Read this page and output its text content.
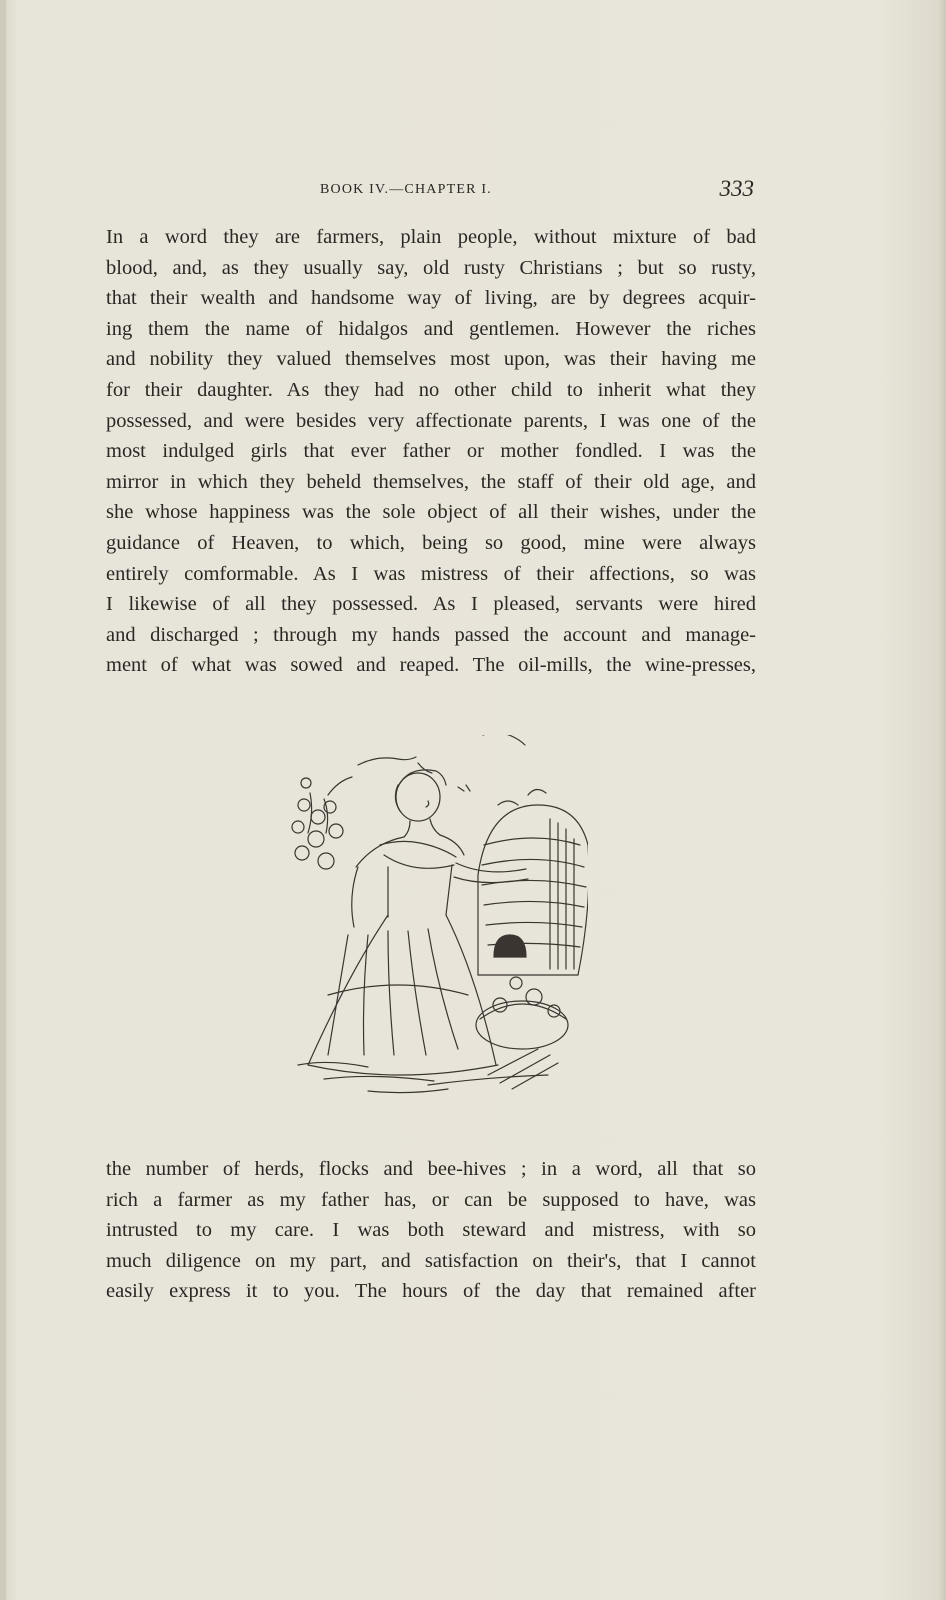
BOOK IV.—CHAPTER I.	333
In a word they are farmers, plain people, without mixture of bad
blood, and, as they usually say, old rusty Christians ; but so rusty,
that their wealth and handsome way of living, are by degrees acquir-
ing them the name of hidalgos and gentlemen. However the riches
and nobility they valued themselves most upon, was their having me
for their daughter. As they had no other child to inherit what they
possessed, and were besides very affectionate parents, I was one of the
most indulged girls that ever father or mother fondled. I was the
mirror in which they beheld themselves, the staff of their old age, and
she whose happiness was the sole object of all their wishes, under the
guidance of Heaven, to which, being so good, mine were always
entirely comformable. As I was mistress of their affections, so was
I likewise of all they possessed. As I pleased, servants were hired
and discharged ; through my hands passed the account and manage-
ment of what was sowed and reaped. The oil-mills, the wine-presses,
the number of herds, flocks and bee-hives ; in a word, all that so
rich a farmer as my father has, or can be supposed to have, was
intrusted to my care. I was both steward and mistress, with so
much diligence on my part, and satisfaction on their's, that I cannot
easily express it to you. The hours of the day that remained after
